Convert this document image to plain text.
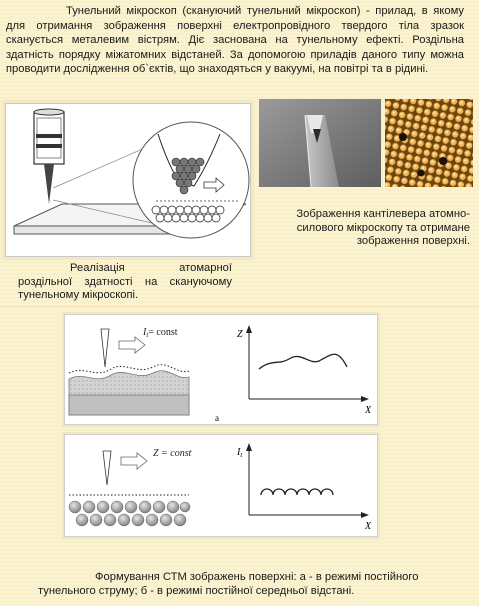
Тунельний мікроскоп (скануючий тунельний мікроскоп) - прилад, в якому для отримання зображення поверхні електропровідного твердого тіла зразок сканується металевим вістрям. Діє заснована на тунельному ефекті. Роздільна здатність порядку міжатомних відстаней. За допомогою приладів даного типу можна проводити дослідження об`єктів, що знаходяться у вакуумі, на повітрі та в рідині.

Зображення кантілевера атомно-силового мікроскопу та отримане зображення поверхні.

Реалізація атомарної роздільної здатності на скануючому тунельному мікроскопі.

$I_t=$ const	Z
X
a
Z = const	$I_t$
X

Формування СТМ зображень поверхні: а - в режимі постійного
тунельного струму; б - в режимі постійної середньої відстані.
